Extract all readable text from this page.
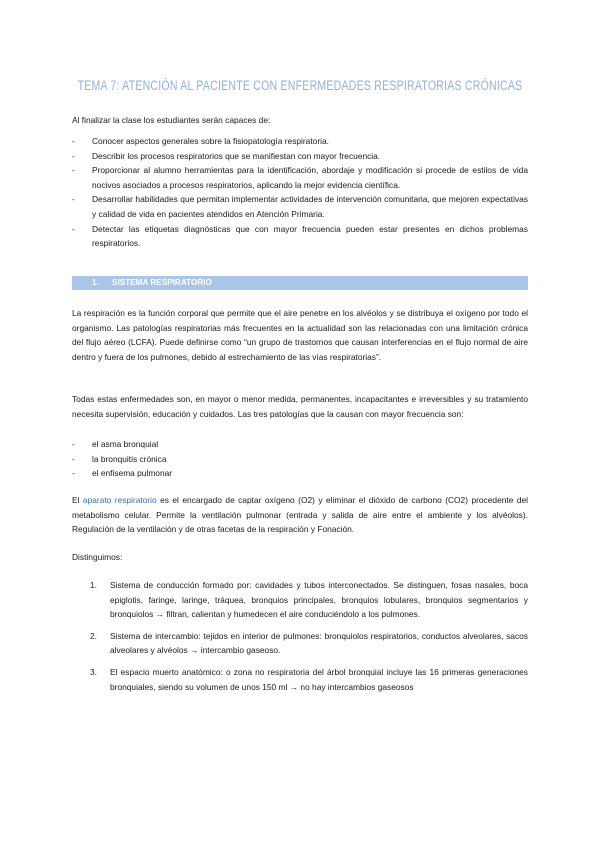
TEMA 7: ATENCIÓN AL PACIENTE CON ENFERMEDADES RESPIRATORIAS CRÓNICAS

Al finalizar la clase los estudiantes serán capaces de:

- Conocer aspectos generales sobre la fisiopatología respiratoria.
- Describir los procesos respiratorios que se manifiestan con mayor frecuencia.
- Proporcionar al alumno herramientas para la identificación, abordaje y modificación si procede de estilos de vida nocivos asociados a procesos respiratorios, aplicando la mejor evidencia científica.
- Desarrollar habilidades que permitan implementar actividades de intervención comunitaria, que mejoren expectativas y calidad de vida en pacientes atendidos en Atención Primaria.
- Detectar las etiquetas diagnósticas que con mayor frecuencia pueden estar presentes en dichos problemas respiratorios.
1. SISTEMA RESPIRATORIO

La respiración es la función corporal que permite que el aire penetre en los alvéolos y se distribuya el oxígeno por todo el organismo. Las patologías respiratorias más frecuentes en la actualidad son las relacionadas con una limitación crónica del flujo aéreo (LCFA). Puede definirse como “un grupo de trastornos que causan interferencias en el flujo normal de aire dentro y fuera de los pulmones, debido al estrechamiento de las vías respiratorias”.

Todas estas enfermedades son, en mayor o menor medida, permanentes, incapacitantes e irreversibles y su tratamiento necesita supervisión, educación y cuidados. Las tres patologías que la causan con mayor frecuencia son:

- el asma bronquial
- la bronquitis crónica
- el enfisema pulmonar

El aparato respiratorio es el encargado de captar oxígeno (O2) y eliminar el dióxido de carbono (CO2) procedente del metabolismo celular. Permite la ventilación pulmonar (entrada y salida de aire entre el ambiente y los alvéolos). Regulación de la ventilación y de otras facetas de la respiración y Fonación.

Distinguimos:

1. Sistema de conducción formado por: cavidades y tubos interconectados. Se distinguen, fosas nasales, boca epiglotis, faringe, laringe, tráquea, bronquios principales, bronquios lobulares, bronquios segmentarios y bronquiolos → filtran, calientan y humedecen el aire conduciéndolo a los pulmones.
2. Sistema de intercambio: tejidos en interior de pulmones: bronquiolos respiratorios, conductos alveolares, sacos alveolares y alvéolos → intercambio gaseoso.
3. El espacio muerto anatómico: o zona no respiratoria del árbol bronquial incluye las 16 primeras generaciones bronquiales, siendo su volumen de unos 150 ml → no hay intercambios gaseosos
